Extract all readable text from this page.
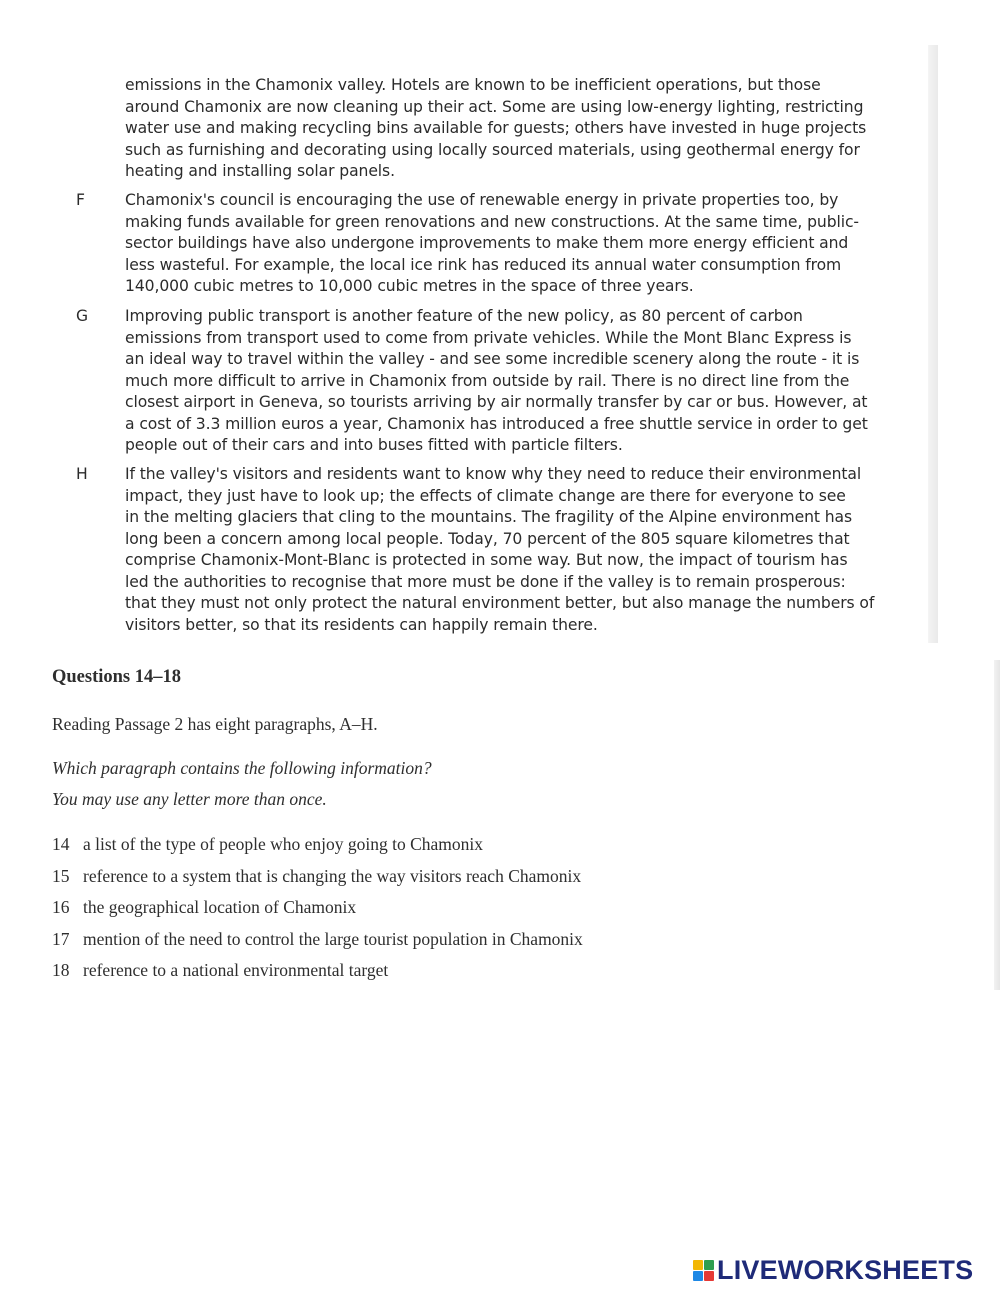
emissions in the Chamonix valley. Hotels are known to be inefficient operations, but those
around Chamonix are now cleaning up their act. Some are using low-energy lighting, restricting
water use and making recycling bins available for guests; others have invested in huge projects
such as furnishing and decorating using locally sourced materials, using geothermal energy for
heating and installing solar panels.
F	Chamonix's council is encouraging the use of renewable energy in private properties too, by
making funds available for green renovations and new constructions. At the same time, public-
sector buildings have also undergone improvements to make them more energy efficient and
less wasteful. For example, the local ice rink has reduced its annual water consumption from
140,000 cubic metres to 10,000 cubic metres in the space of three years.
G Improving public transport is another feature of the new policy, as 80 percent of carbon
emissions from transport used to come from private vehicles. While the Mont Blanc Express is
an ideal way to travel within the valley - and see some incredible scenery along the route - it is
much more difficult to arrive in Chamonix from outside by rail. There is no direct line from the
closest airport in Geneva, so tourists arriving by air normally transfer by car or bus. However, at
a cost of 3.3 million euros a year, Chamonix has introduced a free shuttle service in order to get
people out of their cars and into buses fitted with particle filters.
H If the valley's visitors and residents want to know why they need to reduce their environmental
impact, they just have to look up; the effects of climate change are there for everyone to see
in the melting glaciers that cling to the mountains. The fragility of the Alpine environment has
long been a concern among local people. Today, 70 percent of the 805 square kilometres that
comprise Chamonix-Mont-Blanc is protected in some way. But now, the impact of tourism has
led the authorities to recognise that more must be done if the valley is to remain prosperous:
that they must not only protect the natural environment better, but also manage the numbers of
visitors better, so that its residents can happily remain there.
Questions 14–18
Reading Passage 2 has eight paragraphs, A–H.
Which paragraph contains the following information?
You may use any letter more than once.
14 a list of the type of people who enjoy going to Chamonix
15 reference to a system that is changing the way visitors reach Chamonix
16 the geographical location of Chamonix
17 mention of the need to control the large tourist population in Chamonix
18 reference to a national environmental target
LIVEWORKSHEETS
